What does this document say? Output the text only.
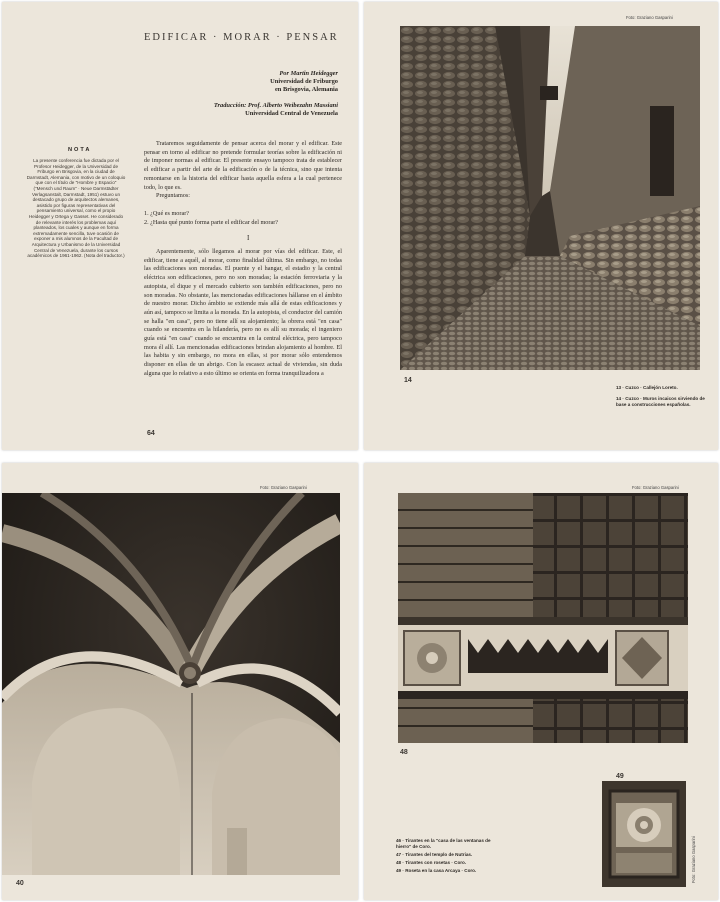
EDIFICAR · MORAR · PENSAR
Por Martin Heidegger
Universidad de Friburgo
en Brisgovia, Alemania
Traducción: Prof. Alberto Weibezahn Massiani
Universidad Central de Venezuela
NOTA
La presente conferencia fue dictada por el Profesor Heidegger, de la Universidad de Friburgo en Brisgovia, en la ciudad de Darmstadt, Alemania, con motivo de un coloquio que con el título de "Hombre y Espacio" ("Mensch und Raum" · Neue Darmstädter Verlagsanstalt, Darmstadt, 1951) estuvo un destacado grupo de arquitectos alemanes, asistido por figuras representativas del pensamiento universal, como el propio Heidegger y Ortega y Gasset. He considerado de relevante interés los problemas aquí planteados, los cuales y aunque en forma extremadamente sencilla, tuve ocasión de exponer a mis alumnos de la Facultad de Arquitectura y Urbanismo de la Universidad Central de Venezuela, durante los cursos académicos de 1961-1962. (Nota del traductor.)

Trataremos seguidamente de pensar acerca del morar y el edificar. Este pensar en torno al edificar no pretende formular teorías sobre la edificación ni de imponer normas al edificar. El presente ensayo tampoco trata de establecer el edificar a partir del arte de la edificación o de la técnica, sino que intenta remontarse en la historia del edificar hasta aquella esfera a la cual pertenece todo, lo que es.

Preguntamos:

1. ¿Qué es morar?
2. ¿Hasta qué punto forma parte el edificar del morar?
I

Aparentemente, sólo llegamos al morar por vías del edificar. Este, el edificar, tiene a aquél, al morar, como finalidad última. Sin embargo, no todas las edificaciones son moradas. El puente y el hangar, el estadio y la central eléctrica son edificaciones, pero no son moradas; la estación ferroviaria y la autopista, el dique y el mercado cubierto son también edificaciones, pero no son moradas. No obstante, las mencionadas edificaciones hállanse en el ámbito de nuestro morar. Dicho ámbito se extiende más allá de estas edificaciones y aún así, tampoco se limita a la morada. En la autopista, el conductor del camión se halla "en casa", pero no tiene allí su alojamiento; la obrera está "en casa" cuando se encuentra en la hilandería, pero no es allí su morada; el ingeniero guía está "en casa" cuando se encuentra en la central eléctrica, pero tampoco mora él allí. Las mencionadas edificaciones brindan alojamiento al hombre. El las habita y sin embargo, no mora en ellas, si por morar sólo entendemos disponer en ellas de un abrigo. Con la escasez actual de viviendas, sin duda alguna que lo relativo a esto último se orienta en forma tranquilizadora a

64
Foto: Graziano Gasparini
14
13 · Cuzco · Callejón Loreto.
14 · Cuzco · Muros incaicos sirviendo de base a construcciones españolas.
Foto: Graziano Gasparini
40
Foto: Graziano Gasparini
48
49
Foto: Graziano Gasparini
46 · Tirantes en la "casa de las ventanas de hierro" de Coro.
47 · Tirantes del templo de Nutrias.
48 · Tirantes con rosetas · Coro.
49 · Roseta en la casa Arcaya · Coro.
